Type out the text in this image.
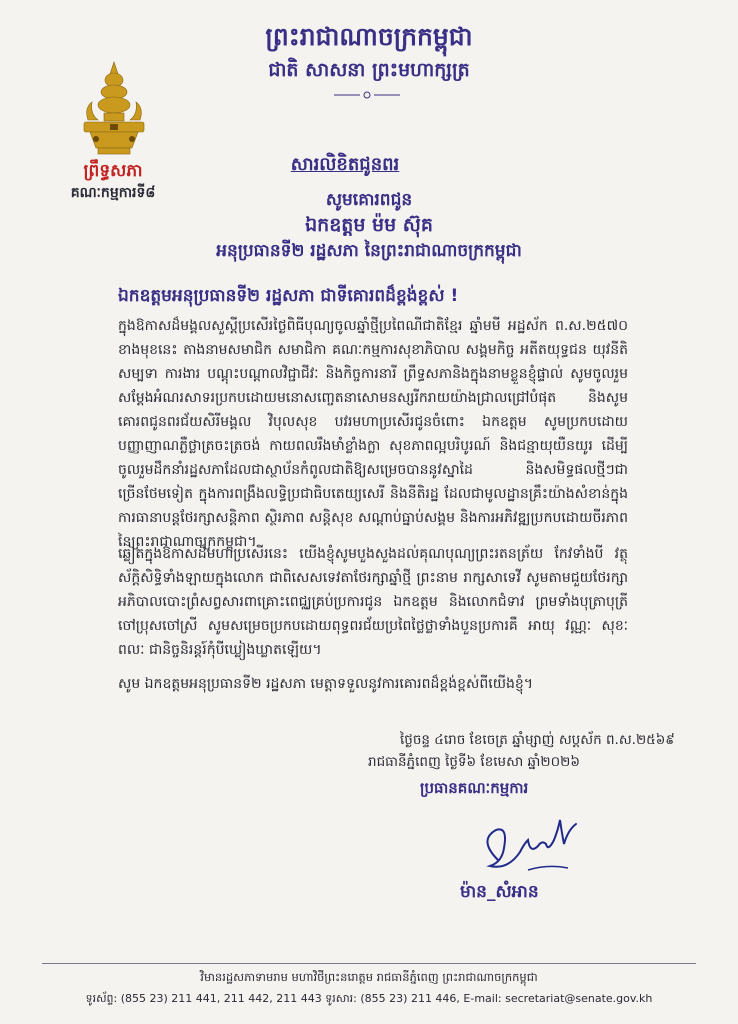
ព្រះរាជាណាចក្រកម្ពុជា
ជាតិ សាសនា ព្រះមហាក្សត្រ
ព្រឹទ្ធសភា
គណៈកម្មការទី៨
សារលិខិតជូនពរ
សូមគោរពជូន
ឯកឧត្តម ម៉ម ស៊ុគ
អនុប្រធានទី២ រដ្ឋសភា នៃព្រះរាជាណាចក្រកម្ពុជា
ឯកឧត្តមអនុប្រធានទី២ រដ្ឋសភា ជាទីគោរពដ៏ខ្ពង់ខ្ពស់ !
ក្នុងឱកាសដ៏មង្គលសួស្តីប្រសើរថ្ងៃពិធីបុណ្យចូលឆ្នាំថ្មីប្រពៃណីជាតិខ្មែរ ឆ្នាំមមី អដ្ឋស័ក ព.ស.២៥៧០ ខាងមុខនេះ តាងនាមសមាជិក សមាជិកា គណៈកម្មការសុខាភិបាល សង្គមកិច្ច អតីតយុទ្ធជន យុវនីតិសម្បទា ការងារ បណ្តុះបណ្តាលវិជ្ជាជីវៈ និងកិច្ចការនារី ព្រឹទ្ធសភានិងក្នុងនាមខ្លួនខ្ញុំផ្ទាល់ សូមចូលរួមសម្តែងអំណរសាទរប្រកបដោយមនោសញ្ចេតនាសោមនស្សរីករាយយ៉ាងជ្រាលជ្រៅបំផុត និងសូមគោរពជូនពរជ័យសិរីមង្គល វិបុលសុខ បវរមហាប្រសើរជូនចំពោះ ឯកឧត្តម សូមប្រកបដោយបញ្ញាញាណភ្លឺថ្លាត្រចះត្រចង់ កាយពលរឹងមាំខ្លាំងក្លា សុខភាពល្អបរិបូរណ៍ និងជន្មាយុយឺនយូរ ដើម្បីចូលរួមដឹកនាំរដ្ឋសភាដែលជាស្ថាប័នកំពូលជាតិឱ្យសម្រេចបាននូវស្នាដៃ និងសមិទ្ធផលថ្មីៗជាច្រើនថែមទៀត ក្នុងការពង្រឹងលទ្ធិប្រជាធិបតេយ្យសេរី និងនីតិរដ្ឋ ដែលជាមូលដ្ឋានគ្រឹះយ៉ាងសំខាន់ក្នុងការធានាបន្តថែរក្សាសន្តិភាព ស្ថិរភាព សន្តិសុខ សណ្តាប់ធ្នាប់សង្គម និងការអភិវឌ្ឍប្រកបដោយចីរភាព នៃព្រះរាជាណាចក្រកម្ពុជា។
ឆ្លៀតក្នុងឱកាសដ៏មហាប្រសើរនេះ យើងខ្ញុំសូមបួងសួងដល់គុណបុណ្យព្រះរតនត្រ័យ កែវទាំងបី វត្ថុស័ក្តិសិទ្ធិទាំងឡាយក្នុងលោក ជាពិសេសទេវតាថែរក្សាឆ្នាំថ្មី ព្រះនាម រាក្សសាទេវី សូមតាមជួយថែរក្សាអភិបាលបោះព្រំសព្វសារពាគ្រោះពេជ្ឈគ្រប់ប្រការជូន ឯកឧត្តម និងលោកជំទាវ ព្រមទាំងបុត្រាបុត្រី ចៅប្រុសចៅស្រី សូមសម្រេចប្រកបដោយពុទ្ធពរជ័យប្រពៃថ្លៃថ្លាទាំងបួនប្រការគឺ អាយុ វណ្ណៈ សុខៈ ពលៈ ជានិច្ចនិរន្តរ៍កុំបីឃ្លៀងឃ្លាតឡើយ។
សូម ឯកឧត្តមអនុប្រធានទី២ រដ្ឋសភា មេត្តាទទួលនូវការគោរពដ៏ខ្ពង់ខ្ពស់ពីយើងខ្ញុំ។
ថ្ងៃចន្ទ ៤រោច ខែចេត្រ ឆ្នាំម្សាញ់ សប្តស័ក ព.ស.២៥៦៩
រាជធានីភ្នំពេញ ថ្ងៃទី៦ ខែមេសា ឆ្នាំ២០២៦
ប្រធានគណៈកម្មការ
ម៉ាន_សំអាន
វិមានរដ្ឋសភាទាមរាម មហាវិថីព្រះនរោត្តម រាជធានីភ្នំពេញ ព្រះរាជាណាចក្រកម្ពុជា
ទូរស័ព្ទ: (855 23) 211 441, 211 442, 211 443 ទូរសារ: (855 23) 211 446, E-mail: secretariat@senate.gov.kh
